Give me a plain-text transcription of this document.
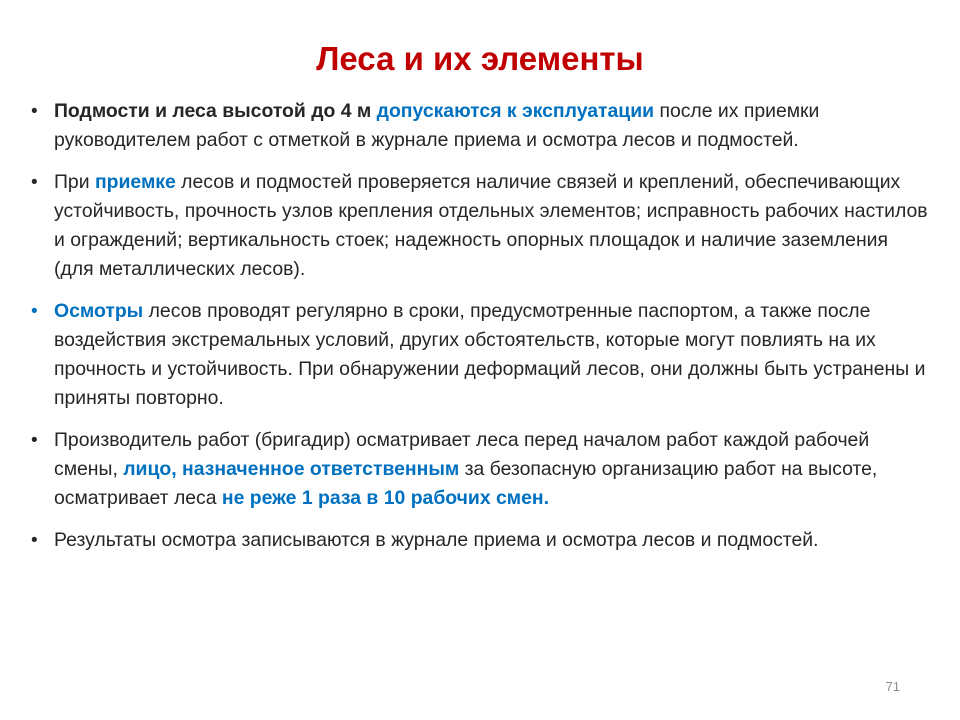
Леса и их элементы
• Подмости и леса высотой до 4 м допускаются к эксплуатации после их приемки руководителем работ с отметкой в журнале приема и осмотра лесов и подмостей.
• При приемке лесов и подмостей проверяется наличие связей и креплений, обеспечивающих устойчивость, прочность узлов крепления отдельных элементов; исправность рабочих настилов и ограждений; вертикальность стоек; надежность опорных площадок и наличие заземления (для металлических лесов).
• Осмотры лесов проводят регулярно в сроки, предусмотренные паспортом, а также после воздействия экстремальных условий, других обстоятельств, которые могут повлиять на их прочность и устойчивость. При обнаружении деформаций лесов, они должны быть устранены и приняты повторно.
• Производитель работ (бригадир) осматривает леса перед началом работ каждой рабочей смены, лицо, назначенное ответственным за безопасную организацию работ на высоте, осматривает леса не реже 1 раза в 10 рабочих смен.
• Результаты осмотра записываются в журнале приема и осмотра лесов и подмостей.
71
